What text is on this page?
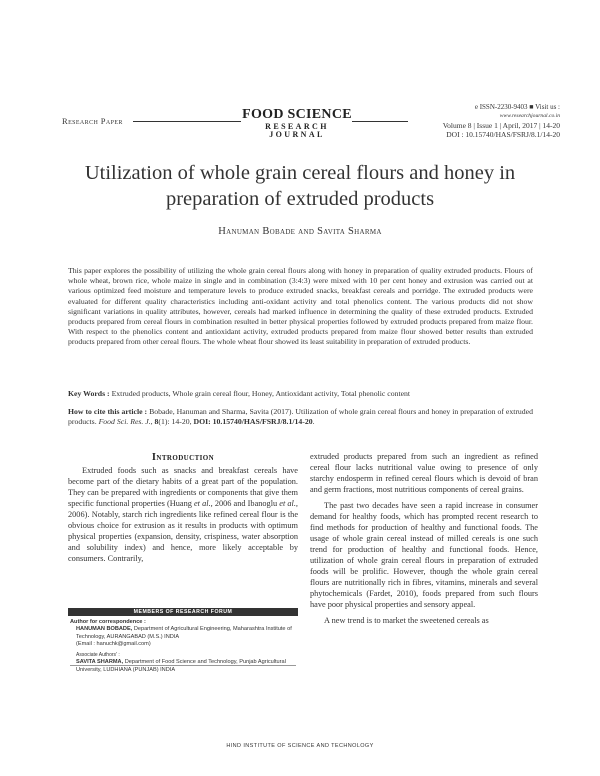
Research Paper	FOOD SCIENCE
RESEARCH JOURNAL
e ISSN-2230-9403 ■ Visit us :
www.researchjournal.co.in
Volume 8 | Issue 1 | April, 2017 | 14-20
DOI : 10.15740/HAS/FSRJ/8.1/14-20
Utilization of whole grain cereal flours and honey in preparation of extruded products
Hanuman Bobade and Savita Sharma
This paper explores the possibility of utilizing the whole grain cereal flours along with honey in preparation of quality extruded products. Flours of whole wheat, brown rice, whole maize in single and in combination (3:4:3) were mixed with 10 per cent honey and extrusion was carried out at various optimized feed moisture and temperature levels to produce extruded snacks, breakfast cereals and porridge. The extruded products were evaluated for different quality characteristics including anti-oxidant activity and total phenolics content. The various products did not show significant variations in quality attributes, however, cereals had marked influence in determining the quality of these extruded products. Extruded products prepared from cereal flours in combination resulted in better physical properties followed by extruded products prepared from maize flour. With respect to the phenolics content and antioxidant activity, extruded products prepared from maize flour showed better results than extruded products prepared from other cereal flours. The whole wheat flour showed its least suitability in preparation of extruded products.
Key Words : Extruded products, Whole grain cereal flour, Honey, Antioxidant activity, Total phenolic content
How to cite this article : Bobade, Hanuman and Sharma, Savita (2017). Utilization of whole grain cereal flours and honey in preparation of extruded products. Food Sci. Res. J., 8(1): 14-20, DOI: 10.15740/HAS/FSRJ/8.1/14-20.
Introduction

Extruded foods such as snacks and breakfast cereals have become part of the dietary habits of a great part of the population. They can be prepared with ingredients or components that give them specific functional properties (Huang et al., 2006 and Ibanoglu et al., 2006). Notably, starch rich ingredients like refined cereal flour is the obvious choice for extrusion as it results in products with optimum physical properties (expansion, density, crispiness, water absorption and solubility index) and hence, more likely acceptable by consumers. Contrarily,

extruded products prepared from such an ingredient as refined cereal flour lacks nutritional value owing to presence of only starchy endosperm in refined cereal flours which is devoid of bran and germ fractions, most nutritious components of cereal grains.

The past two decades have seen a rapid increase in consumer demand for healthy foods, which has prompted recent research to find methods for production of healthy and functional foods. The usage of whole grain cereal instead of milled cereals is one such trend for production of healthy and functional foods. Hence, utilization of whole grain cereal flours in preparation of extruded foods will be prolific. However, though the whole grain cereal flours are nutritionally rich in fibres, vitamins, minerals and several phytochemicals (Fardet, 2010), foods prepared from such flours have poor physical properties and sensory appeal.

A new trend is to market the sweetened cereals as

MEMBERS OF RESEARCH FORUM
Author for correspondence :
HANUMAN BOBADE, Department of Agricultural Engineering, Maharashtra Institute of Technology, AURANGABAD (M.S.) INDIA
(Email : hanuchk@gmail.com)
Associate Authors' :
SAVITA SHARMA, Department of Food Science and Technology, Punjab Agricultural University, LUDHIANA (PUNJAB) INDIA
HIND INSTITUTE OF SCIENCE AND TECHNOLOGY
